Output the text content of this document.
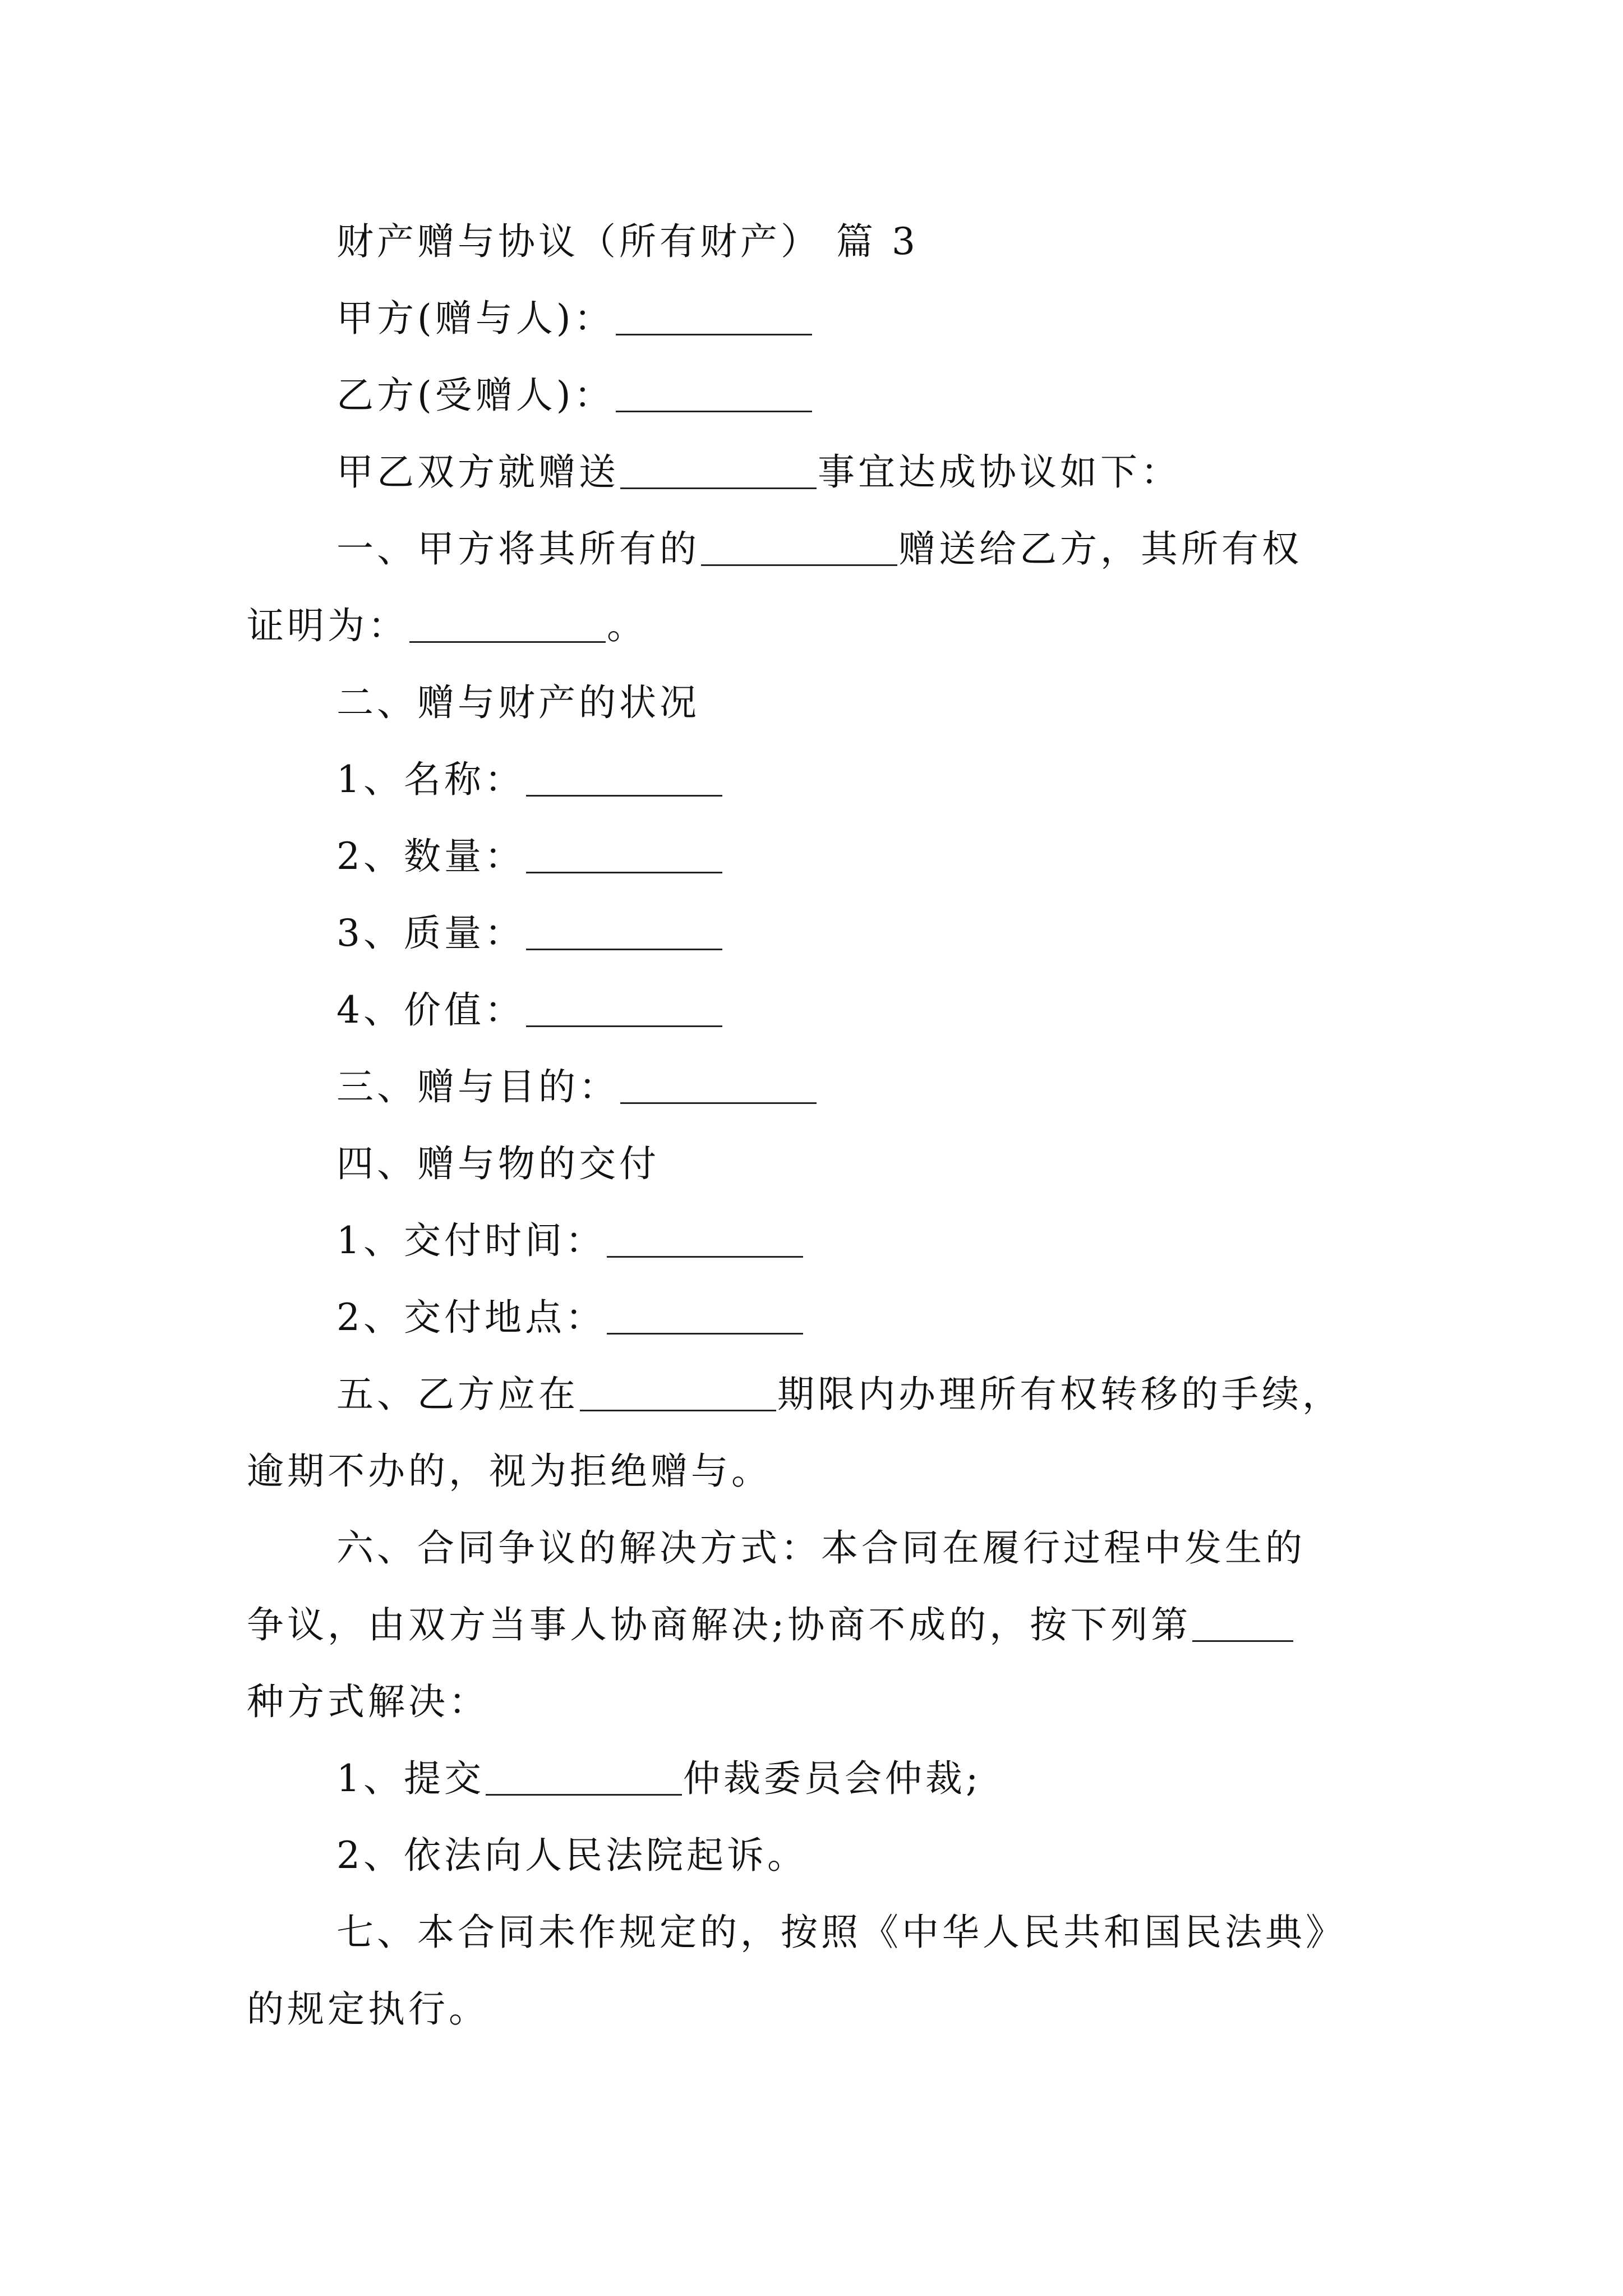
财产赠与协议（所有财产） 篇 3
甲方(赠与人)：
乙方(受赠人)：
甲乙双方就赠送	事宜达成协议如下：
一、甲方将其所有的	赠送给乙方，其所有权
证明为：	。
二、赠与财产的状况
1、名称：
2、数量：
3、质量：
4、价值：
三、赠与目的：
四、赠与物的交付
1、交付时间：
2、交付地点：
五、乙方应在	期限内办理所有权转移的手续，
逾期不办的，视为拒绝赠与。
六、合同争议的解决方式：本合同在履行过程中发生的
争议，由双方当事人协商解决;协商不成的，按下列第
种方式解决：
1、提交	仲裁委员会仲裁;
2、依法向人民法院起诉。
七、本合同未作规定的，按照《中华人民共和国民法典》
的规定执行。
